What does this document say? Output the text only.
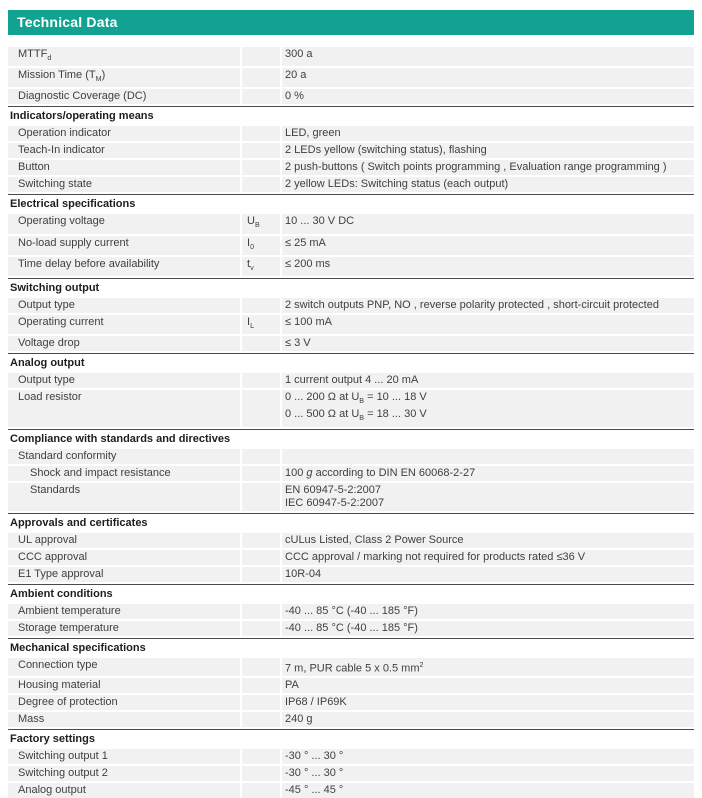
Technical Data
$MTTF_d$	300 a
Mission Time $(T_M)$	20 a
Diagnostic Coverage (DC)	0 %
Indicators/operating means
Operation indicator	LED, green
Teach-In indicator	2 LEDs yellow (switching status), flashing
Button	2 push-buttons ( Switch points programming , Evaluation range programming )
Switching state	2 yellow LEDs: Switching status (each output)
Electrical specifications
Operating voltage	$U_B$	10 ... 30 V DC
No-load supply current	$I_0$	≤ 25 mA
Time delay before availability	$t_v$	≤ 200 ms
Switching output
Output type	2 switch outputs PNP, NO , reverse polarity protected , short-circuit protected
Operating current	$I_L$	≤ 100 mA
Voltage drop	≤ 3 V
Analog output
Output type	1 current output 4 ... 20 mA
Load resistor	0 ... 200 Ω at $U_B = 10$ ... 18 V
0 ... 500 Ω at $U_B = 18$ ... 30 V
Compliance with standards and directives
Standard conformity
Shock and impact resistance	100 g according to DIN EN 60068-2-27
Standards	EN 60947-5-2:2007
IEC 60947-5-2:2007
Approvals and certificates
UL approval	cULus Listed, Class 2 Power Source
CCC approval	CCC approval / marking not required for products rated ≤36 V
E1 Type approval	10R-04
Ambient conditions
Ambient temperature	-40 ... 85 °C (-40 ... 185 °F)
Storage temperature	-40 ... 85 °C (-40 ... 185 °F)
Mechanical specifications
Connection type	7 m, PUR cable 5 x 0.5 $mm^2$
Housing material	PA
Degree of protection	IP68 / IP69K
Mass	240 g
Factory settings
Switching output 1	-30 ° ... 30 °
Switching output 2	-30 ° ... 30 °
Analog output	-45 ° ... 45 °
